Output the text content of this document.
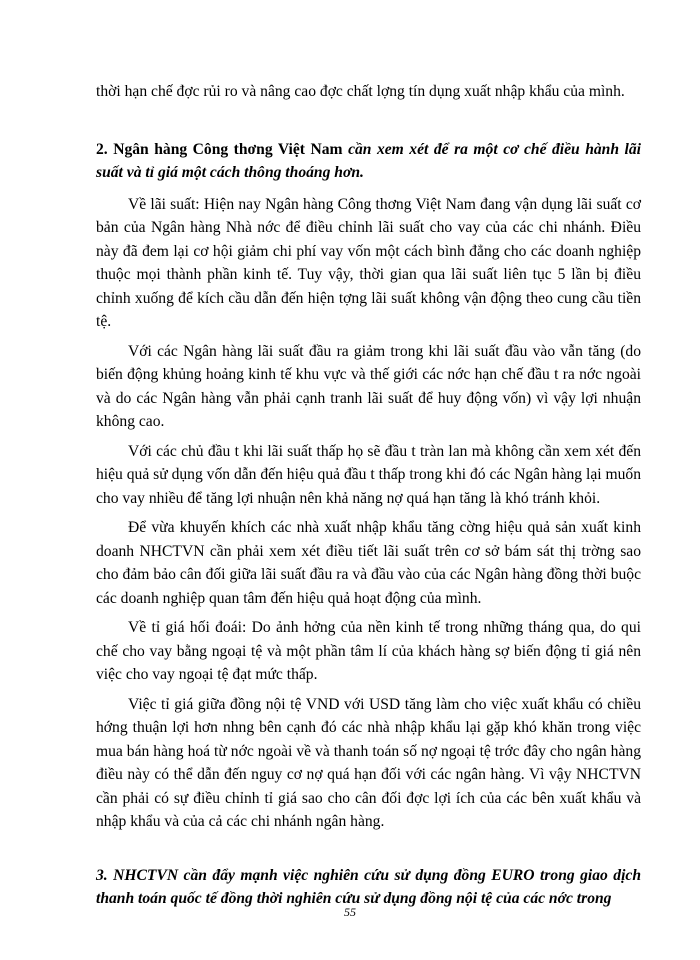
thời hạn chế đợc rủi ro và nâng cao đợc chất lợng tín dụng xuất nhập khẩu của mình.

2. Ngân hàng Công thơng Việt Nam cần xem xét để ra một cơ chế điều hành lãi suất và tỉ giá một cách thông thoáng hơn.

Về lãi suất: Hiện nay Ngân hàng Công thơng Việt Nam đang vận dụng lãi suất cơ bản của Ngân hàng Nhà nớc để điều chỉnh lãi suất cho vay của các chi nhánh. Điều này đã đem lại cơ hội giảm chi phí vay vốn một cách bình đẳng cho các doanh nghiệp thuộc mọi thành phần kinh tế. Tuy vậy, thời gian qua lãi suất liên tục 5 lần bị điều chỉnh xuống để kích cầu dẫn đến hiện tợng lãi suất không vận động theo cung cầu tiền tệ.

Với các Ngân hàng lãi suất đầu ra giảm trong khi lãi suất đầu vào vẫn tăng (do biến động khủng hoảng kinh tế khu vực và thế giới các nớc hạn chế đầu t ra nớc ngoài và do các Ngân hàng vẫn phải cạnh tranh lãi suất để huy động vốn) vì vậy lợi nhuận không cao.

Với các chủ đầu t khi lãi suất thấp họ sẽ đầu t tràn lan mà không cần xem xét đến hiệu quả sử dụng vốn dẫn đến hiệu quả đầu t thấp trong khi đó các Ngân hàng lại muốn cho vay nhiều để tăng lợi nhuận nên khả năng nợ quá hạn tăng là khó tránh khỏi.

Để vừa khuyến khích các nhà xuất nhập khẩu tăng cờng hiệu quả sản xuất kinh doanh NHCTVN cần phải xem xét điều tiết lãi suất trên cơ sở bám sát thị trờng sao cho đảm bảo cân đối giữa lãi suất đầu ra và đầu vào của các Ngân hàng đồng thời buộc các doanh nghiệp quan tâm đến hiệu quả hoạt động của mình.

Về tỉ giá hối đoái: Do ảnh hởng của nền kinh tế trong những tháng qua, do qui chế cho vay bằng ngoại tệ và một phần tâm lí của khách hàng sợ biến động tỉ giá nên việc cho vay ngoại tệ đạt mức thấp.

Việc tỉ giá giữa đồng nội tệ VND với USD tăng làm cho việc xuất khẩu có chiều hớng thuận lợi hơn nhng bên cạnh đó các nhà nhập khẩu lại gặp khó khăn trong việc mua bán hàng hoá từ nớc ngoài về và thanh toán số nợ ngoại tệ trớc đây cho ngân hàng điều này có thể dẫn đến nguy cơ nợ quá hạn đối với các ngân hàng. Vì vậy NHCTVN cần phải có sự điều chỉnh tỉ giá sao cho cân đối đợc lợi ích của các bên xuất khẩu và nhập khẩu và của cả các chi nhánh ngân hàng.

3. NHCTVN cần đẩy mạnh việc nghiên cứu sử dụng đồng EURO trong giao dịch thanh toán quốc tế đồng thời nghiên cứu sử dụng đồng nội tệ của các nớc trong

55
